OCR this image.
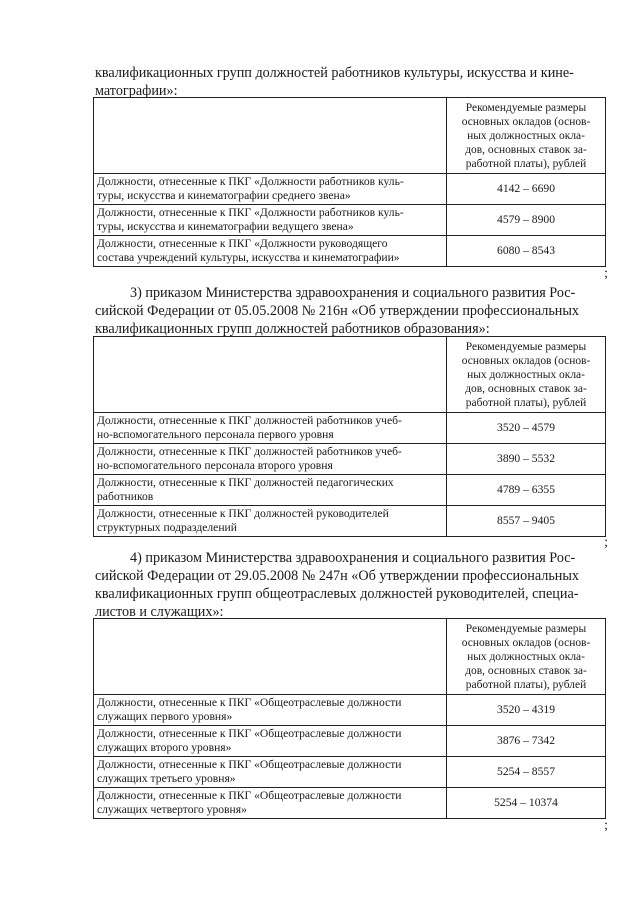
квалификационных групп должностей работников культуры, искусства и кине-
матографии»:

	Рекомендуемые размеры
основных окладов (основ-
ных должностных окла-
дов, основных ставок за-
работной платы), рублей

Должности, отнесенные к ПКГ «Должности работников куль-
туры, искусства и кинематографии среднего звена»	4142 – 6690

Должности, отнесенные к ПКГ «Должности работников куль-
туры, искусства и кинематографии ведущего звена»	4579 – 8900

Должности, отнесенные к ПКГ «Должности руководящего
состава учреждений культуры, искусства и кинематографии»	6080 – 8543
;
3) приказом Министерства здравоохранения и социального развития Рос-
сийской Федерации от 05.05.2008 № 216н «Об утверждении профессиональных
квалификационных групп должностей работников образования»:

	Рекомендуемые размеры
основных окладов (основ-
ных должностных окла-
дов, основных ставок за-
работной платы), рублей

Должности, отнесенные к ПКГ должностей работников учеб-
но-вспомогательного персонала первого уровня	3520 – 4579

Должности, отнесенные к ПКГ должностей работников учеб-
но-вспомогательного персонала второго уровня	3890 – 5532

Должности, отнесенные к ПКГ должностей педагогических
работников	4789 – 6355

Должности, отнесенные к ПКГ должностей руководителей
структурных подразделений	8557 – 9405
;
4) приказом Министерства здравоохранения и социального развития Рос-
сийской Федерации от 29.05.2008 № 247н «Об утверждении профессиональных
квалификационных групп общеотраслевых должностей руководителей, специа-
листов и служащих»:

	Рекомендуемые размеры
основных окладов (основ-
ных должностных окла-
дов, основных ставок за-
работной платы), рублей

Должности, отнесенные к ПКГ «Общеотраслевые должности
служащих первого уровня»	3520 – 4319

Должности, отнесенные к ПКГ «Общеотраслевые должности
служащих второго уровня»	3876 – 7342

Должности, отнесенные к ПКГ «Общеотраслевые должности
служащих третьего уровня»	5254 – 8557

Должности, отнесенные к ПКГ «Общеотраслевые должности
служащих четвертого уровня»	5254 – 10374
;
